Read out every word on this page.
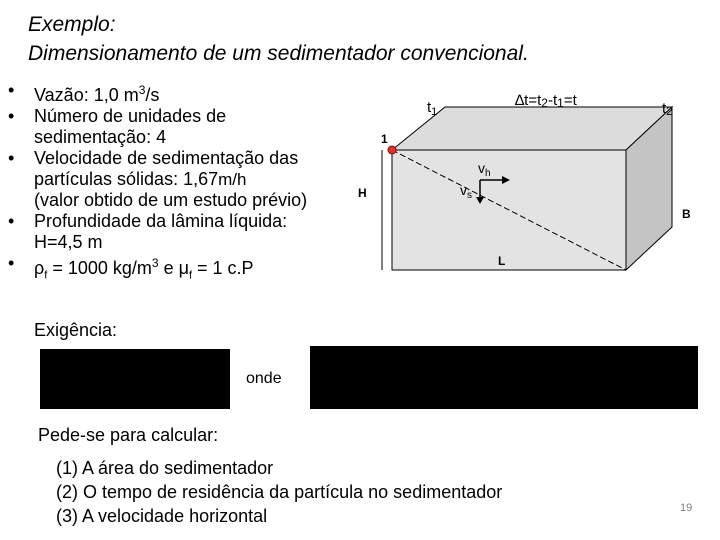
Exemplo:
Dimensionamento de um sedimentador convencional.
• Vazão: 1,0 $m^3/s$
• Número de unidades de
sedimentação: 4
• Velocidade de sedimentação das
partículas sólidas: 1,67m/h
(valor obtido de um estudo prévio)
• Profundidade da lâmina líquida:
H=4,5 m
• $\rho_f = 1000$ $kg/m^3$ e $\mu_f = 1$ c.P
$t_1$
∆t=t2-t1=t	t2
1
H
B
L
$v_h$
$v_s$
Exigência:
onde
Pede-se para calcular:
(1) A área do sedimentador
(2) O tempo de residência da partícula no sedimentador
(3) A velocidade horizontal	19
